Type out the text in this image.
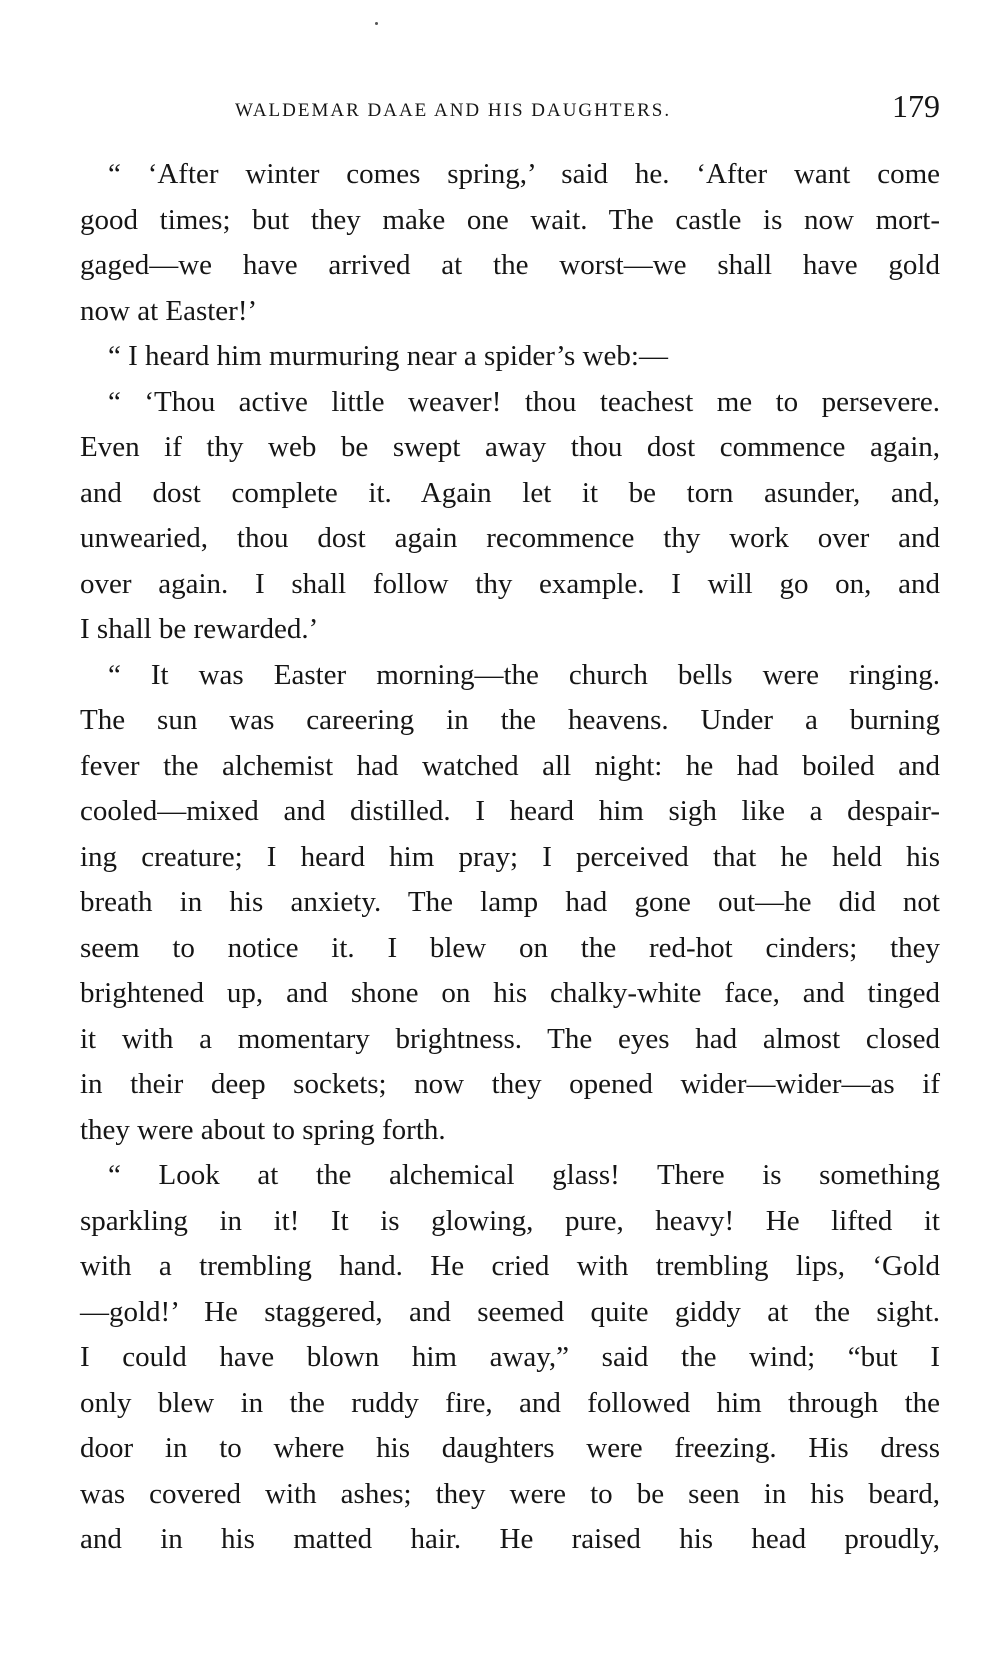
WALDEMAR DAAE AND HIS DAUGHTERS.	179
“ ‘After winter comes spring,’ said he. ‘After want come
good times; but they make one wait. The castle is now mort-
gaged—we have arrived at the worst—we shall have gold
now at Easter!’
“ I heard him murmuring near a spider’s web:—
“ ‘Thou active little weaver! thou teachest me to persevere.
Even if thy web be swept away thou dost commence again,
and dost complete it. Again let it be torn asunder, and,
unwearied, thou dost again recommence thy work over and
over again. I shall follow thy example. I will go on, and
I shall be rewarded.’
“ It was Easter morning—the church bells were ringing.
The sun was careering in the heavens. Under a burning
fever the alchemist had watched all night: he had boiled and
cooled—mixed and distilled. I heard him sigh like a despair-
ing creature; I heard him pray; I perceived that he held his
breath in his anxiety. The lamp had gone out—he did not
seem to notice it. I blew on the red-hot cinders; they
brightened up, and shone on his chalky-white face, and tinged
it with a momentary brightness. The eyes had almost closed
in their deep sockets; now they opened wider—wider—as if
they were about to spring forth.
“ Look at the alchemical glass! There is something
sparkling in it! It is glowing, pure, heavy! He lifted it
with a trembling hand. He cried with trembling lips, ‘Gold
—gold!’ He staggered, and seemed quite giddy at the sight.
I could have blown him away,” said the wind; “but I
only blew in the ruddy fire, and followed him through the
door in to where his daughters were freezing. His dress
was covered with ashes; they were to be seen in his beard,
and in his matted hair. He raised his head proudly,
